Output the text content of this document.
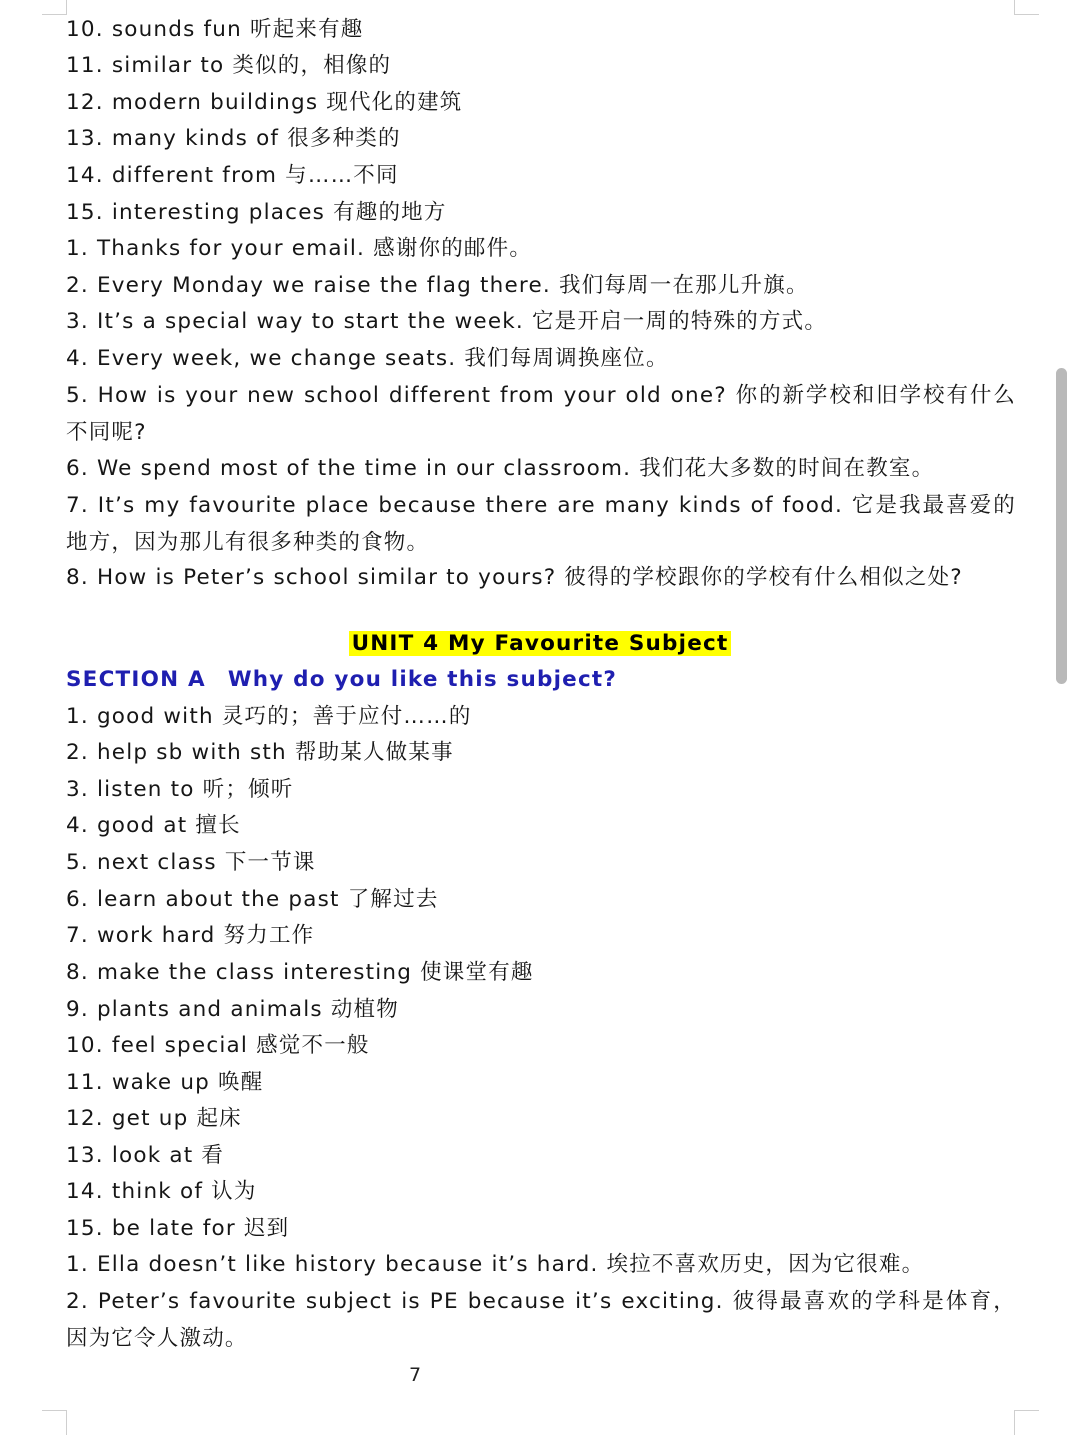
10. sounds fun 听起来有趣
11. similar to 类似的，相像的
12. modern buildings 现代化的建筑
13. many kinds of 很多种类的
14. different from 与……不同
15. interesting places 有趣的地方
1. Thanks for your email. 感谢你的邮件。
2. Every Monday we raise the flag there. 我们每周一在那儿升旗。
3. It’s a special way to start the week. 它是开启一周的特殊的方式。
4. Every week, we change seats. 我们每周调换座位。
5. How is your new school different from your old one? 你的新学校和旧学校有什么不同呢?
6. We spend most of the time in our classroom. 我们花大多数的时间在教室。
7. It’s my favourite place because there are many kinds of food. 它是我最喜爱的地方，因为那儿有很多种类的食物。
8. How is Peter’s school similar to yours? 彼得的学校跟你的学校有什么相似之处?
UNIT 4 My Favourite Subject
SECTION A Why do you like this subject?
1. good with 灵巧的；善于应付……的
2. help sb with sth 帮助某人做某事
3. listen to 听；倾听
4. good at 擅长
5. next class 下一节课
6. learn about the past 了解过去
7. work hard 努力工作
8. make the class interesting 使课堂有趣
9. plants and animals 动植物
10. feel special 感觉不一般
11. wake up 唤醒
12. get up 起床
13. look at 看
14. think of 认为
15. be late for 迟到
1. Ella doesn’t like history because it’s hard. 埃拉不喜欢历史，因为它很难。
2. Peter’s favourite subject is PE because it’s exciting. 彼得最喜欢的学科是体育，因为它令人激动。
7
